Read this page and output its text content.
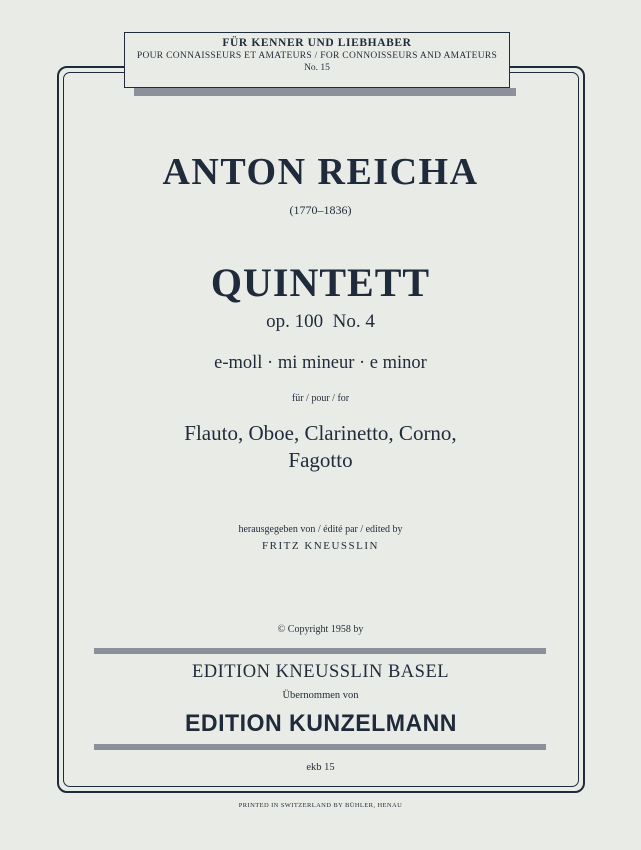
FÜR KENNER UND LIEBHABER
POUR CONNAISSEURS ET AMATEURS / FOR CONNOISSEURS AND AMATEURS
No. 15
ANTON REICHA
(1770–1836)
QUINTETT
op. 100  No. 4
e-moll · mi mineur · e minor
für / pour / for
Flauto, Oboe, Clarinetto, Corno,
Fagotto
herausgegeben von / édité par / edited by
FRITZ KNEUSSLIN
© Copyright 1958 by
EDITION KNEUSSLIN BASEL
Übernommen von
EDITION KUNZELMANN
ekb 15
PRINTED IN SWITZERLAND BY BÜHLER, HENAU
